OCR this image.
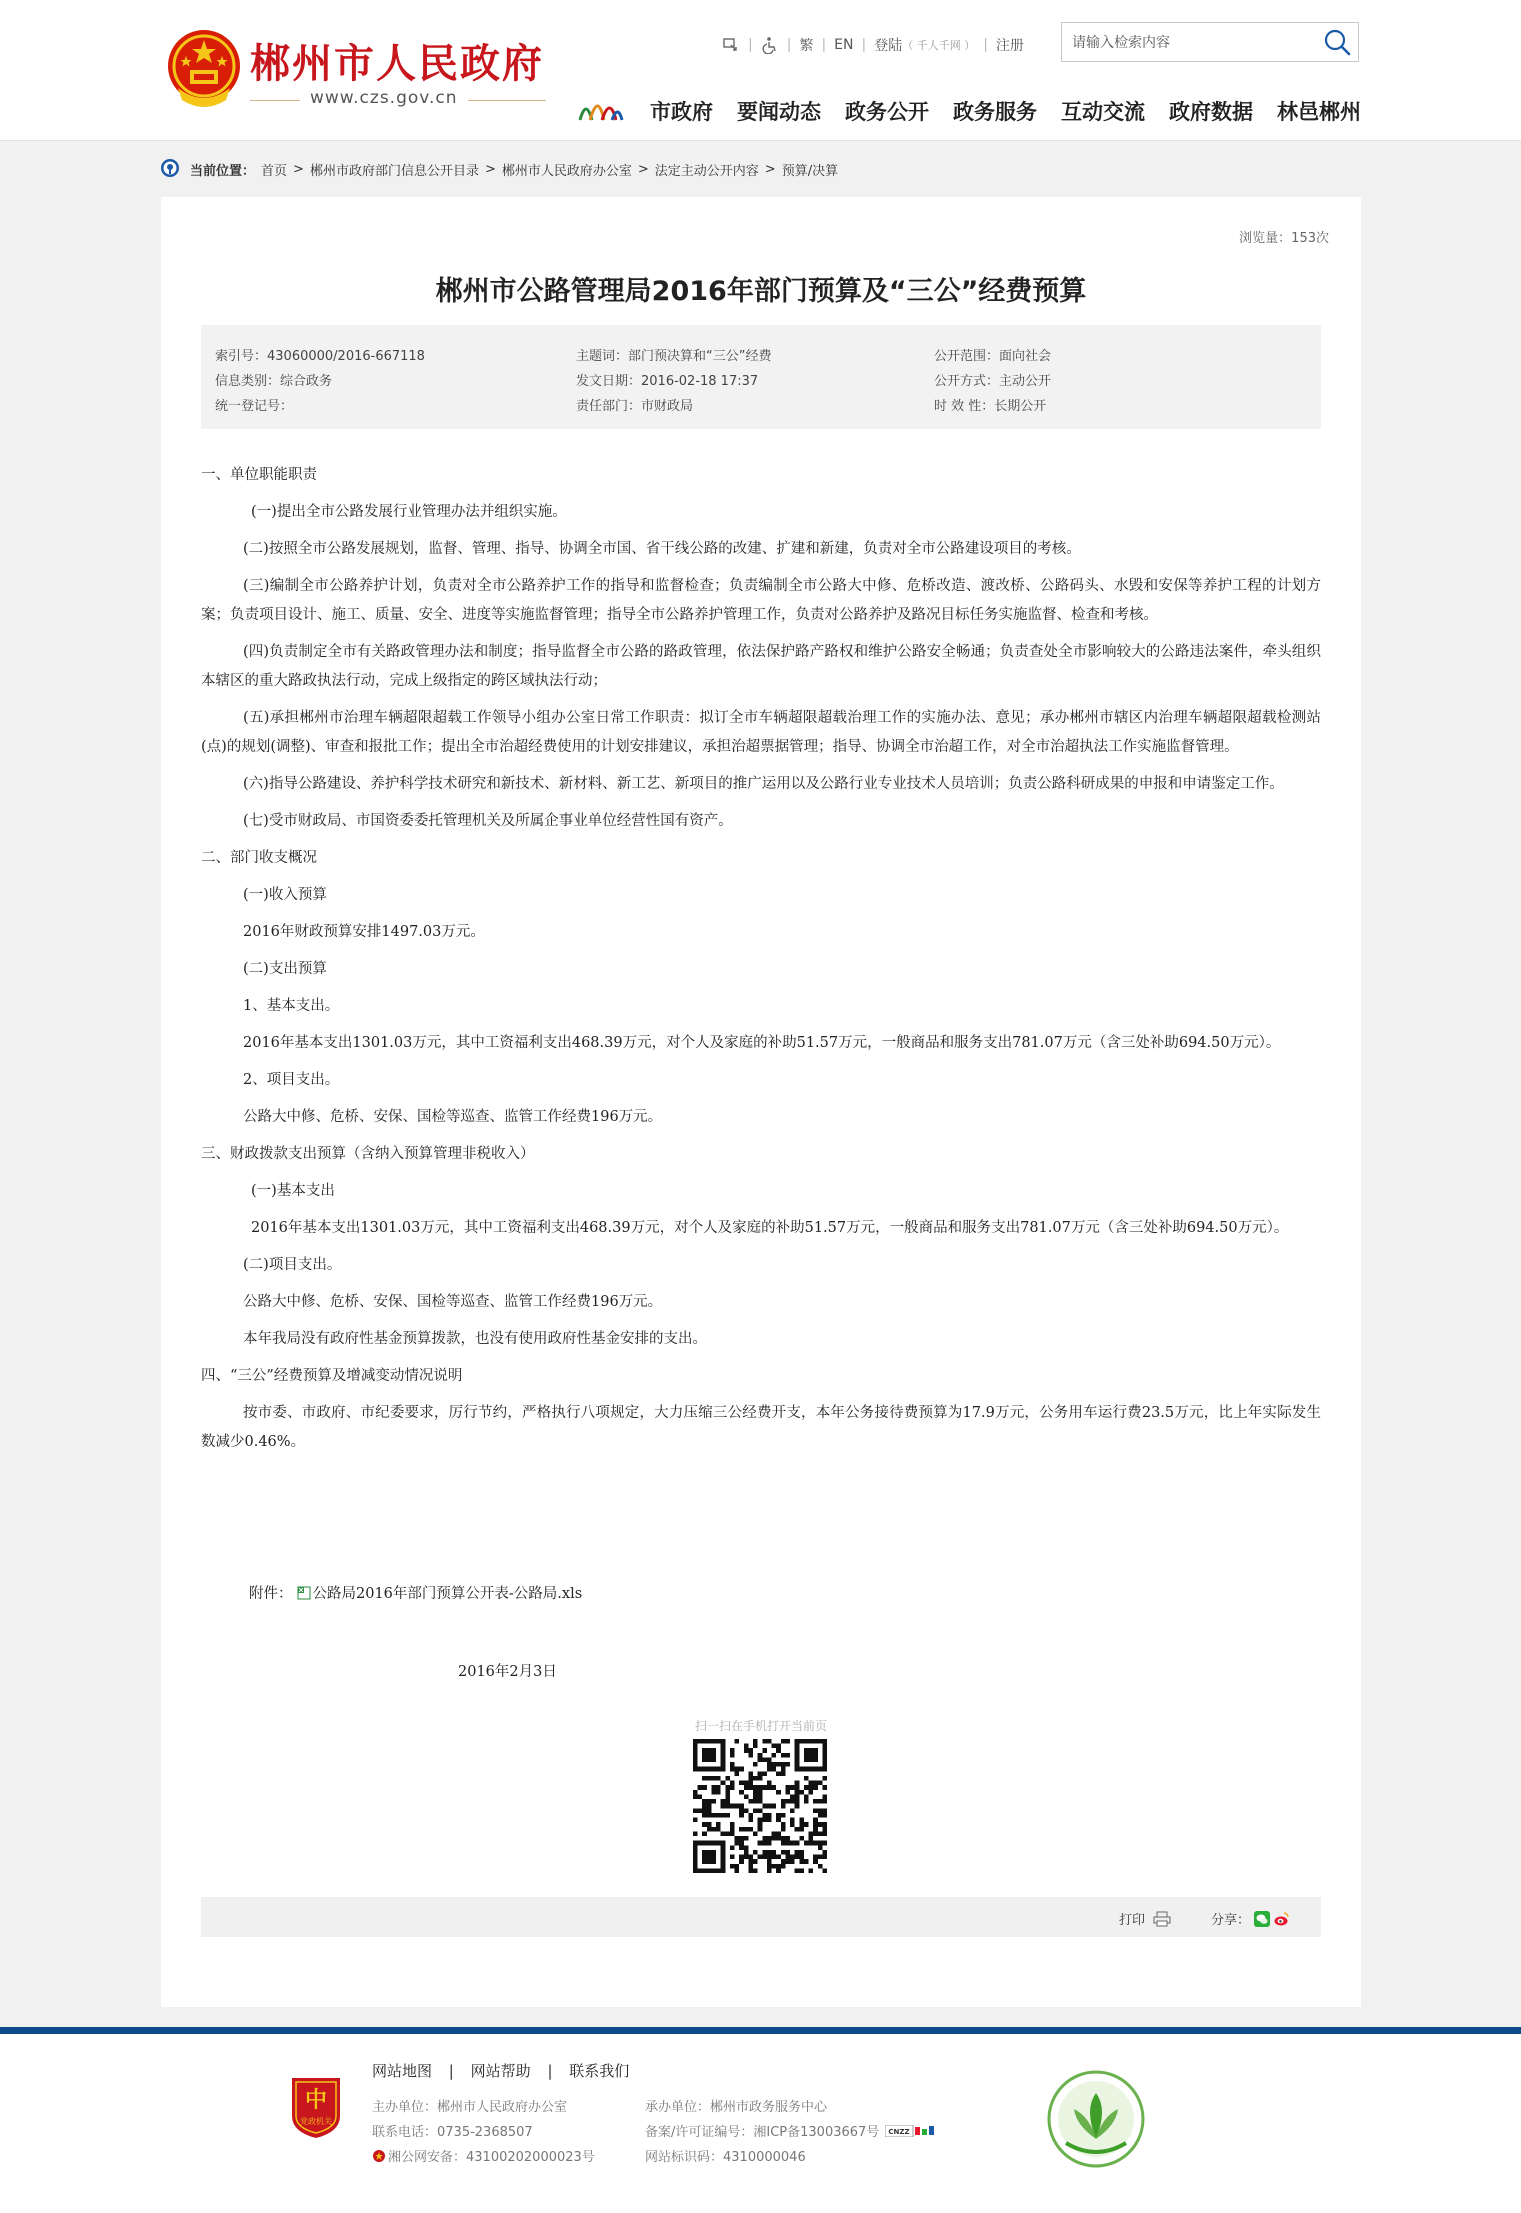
郴州市人民政府
www.czs.gov.cn
| | 繁 | EN | 登陆 （ 千人千网 ） | 注册
请输入检索内容
市政府 要闻动态 政务公开 政务服务 互动交流 政府数据 林邑郴州
当前位置： 首页 > 郴州市政府部门信息公开目录 > 郴州市人民政府办公室 > 法定主动公开内容 > 预算/决算
浏览量：153次
郴州市公路管理局2016年部门预算及“三公”经费预算
索引号：43060000/2016-667118
信息类别：综合政务
统一登记号：
主题词：部门预决算和“三公”经费
发文日期：2016-02-18 17:37
责任部门：市财政局
公开范围：面向社会
公开方式：主动公开
时 效 性：长期公开

一、单位职能职责

(一)提出全市公路发展行业管理办法并组织实施。

(二)按照全市公路发展规划，监督、管理、指导、协调全市国、省干线公路的改建、扩建和新建，负责对全市公路建设项目的考核。

(三)编制全市公路养护计划，负责对全市公路养护工作的指导和监督检查；负责编制全市公路大中修、危桥改造、渡改桥、公路码头、水毁和安保等养护工程的计划方案；负责项目设计、施工、质量、安全、进度等实施监督管理；指导全市公路养护管理工作，负责对公路养护及路况目标任务实施监督、检查和考核。

(四)负责制定全市有关路政管理办法和制度；指导监督全市公路的路政管理，依法保护路产路权和维护公路安全畅通；负责查处全市影响较大的公路违法案件，牵头组织本辖区的重大路政执法行动，完成上级指定的跨区域执法行动；

(五)承担郴州市治理车辆超限超载工作领导小组办公室日常工作职责：拟订全市车辆超限超载治理工作的实施办法、意见；承办郴州市辖区内治理车辆超限超载检测站(点)的规划(调整)、审查和报批工作；提出全市治超经费使用的计划安排建议，承担治超票据管理；指导、协调全市治超工作，对全市治超执法工作实施监督管理。

(六)指导公路建设、养护科学技术研究和新技术、新材料、新工艺、新项目的推广运用以及公路行业专业技术人员培训；负责公路科研成果的申报和申请鉴定工作。

(七)受市财政局、市国资委委托管理机关及所属企事业单位经营性国有资产。

二、部门收支概况

(一)收入预算

2016年财政预算安排1497.03万元。

(二)支出预算

1、基本支出。

2016年基本支出1301.03万元，其中工资福利支出468.39万元，对个人及家庭的补助51.57万元，一般商品和服务支出781.07万元（含三处补助694.50万元）。

2、项目支出。

公路大中修、危桥、安保、国检等巡查、监管工作经费196万元。

三、财政拨款支出预算（含纳入预算管理非税收入）

(一)基本支出

2016年基本支出1301.03万元，其中工资福利支出468.39万元，对个人及家庭的补助51.57万元，一般商品和服务支出781.07万元（含三处补助694.50万元）。

(二)项目支出。

公路大中修、危桥、安保、国检等巡查、监管工作经费196万元。

本年我局没有政府性基金预算拨款，也没有使用政府性基金安排的支出。

四、“三公”经费预算及增减变动情况说明

按市委、市政府、市纪委要求，厉行节约，严格执行八项规定，大力压缩三公经费开支，本年公务接待费预算为17.9万元，公务用车运行费23.5万元，比上年实际发生数减少0.46%。

附件： 公路局2016年部门预算公开表-公路局.xls
2016年2月3日
扫一扫在手机打开当前页
打印	分享：
中
党政机关
网站地图 | 网站帮助 | 联系我们
主办单位：郴州市人民政府办公室
联系电话：0735-2368507
湘公网安备：43100202000023号
承办单位：郴州市政务服务中心
备案/许可证编号：湘ICP备13003667号 CNZZ
网站标识码：4310000046
